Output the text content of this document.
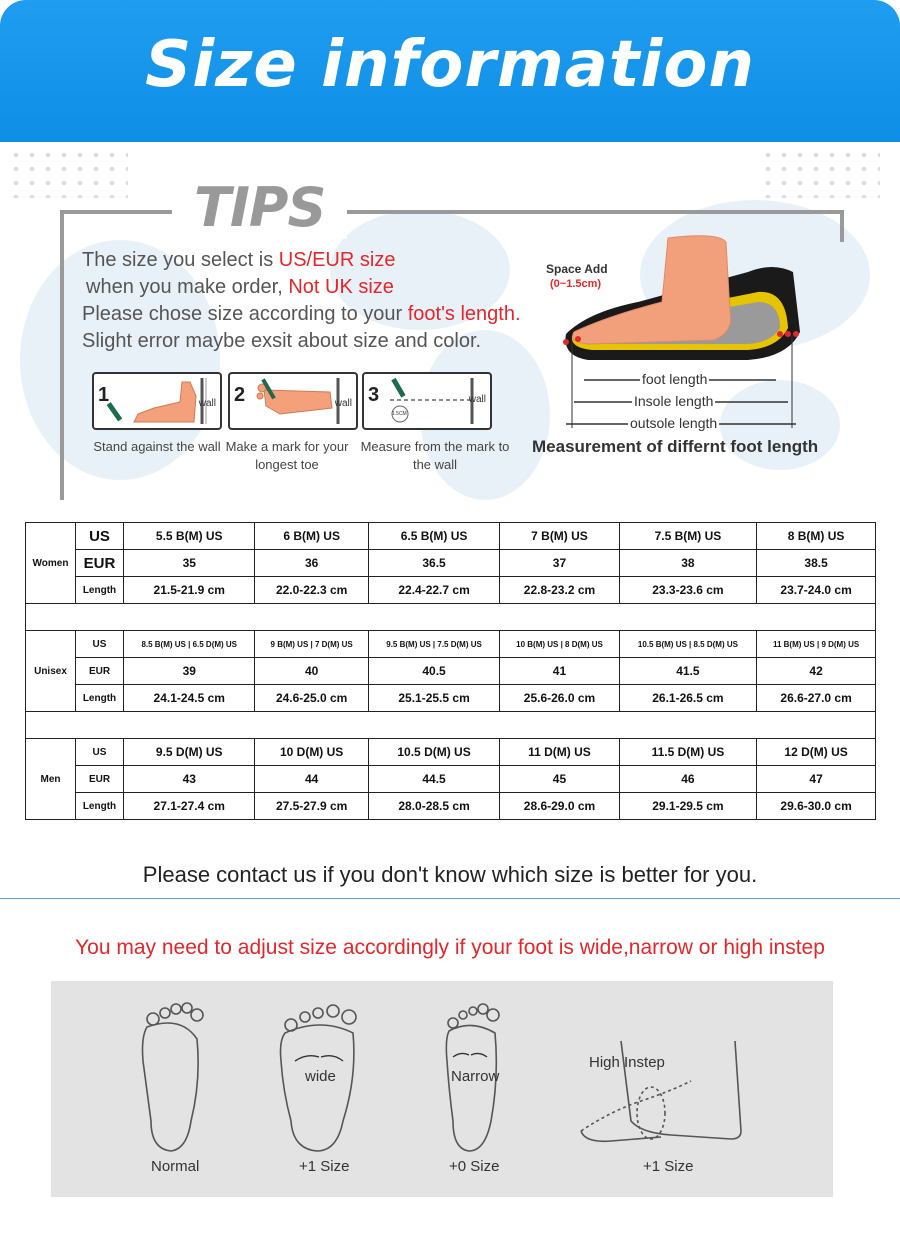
Size information
TIPS
The size you select is US/EUR size
when you make order, Not UK size
Please chose size according to your foot's length.
Slight error maybe exsit about size and color.
1	wall 2	wall 3	wall
1.5CM
Stand against the wall Make a mark for your longest toe
Measure from the mark to the wall
Space Add
(0~1.5cm)
foot length
Insole length
outsole length
Measurement of differnt foot length
Women	US	5.5 B(M) US	6 B(M) US	6.5 B(M) US	7 B(M) US	7.5 B(M) US	8 B(M) US
	EUR	35	36	36.5	37	38	38.5
	Length	21.5-21.9 cm	22.0-22.3 cm	22.4-22.7 cm	22.8-23.2 cm	23.3-23.6 cm	23.7-24.0 cm

Unisex	US	8.5 B(M) US | 6.5 D(M) US	9 B(M) US | 7 D(M) US	9.5 B(M) US | 7.5 D(M) US	10 B(M) US | 8 D(M) US	10.5 B(M) US | 8.5 D(M) US	11 B(M) US | 9 D(M) US
	EUR	39	40	40.5	41	41.5	42
	Length	24.1-24.5 cm	24.6-25.0 cm	25.1-25.5 cm	25.6-26.0 cm	26.1-26.5 cm	26.6-27.0 cm

Men	US	9.5 D(M) US	10 D(M) US	10.5 D(M) US	11 D(M) US	11.5 D(M) US	12 D(M) US
	EUR	43	44	44.5	45	46	47
	Length	27.1-27.4 cm	27.5-27.9 cm	28.0-28.5 cm	28.6-29.0 cm	29.1-29.5 cm	29.6-30.0 cm
Please contact us if you don't know which size is better for you.
You may need to adjust size accordingly if your foot is wide,narrow or high instep
Normal
wide
+1 Size
Narrow
+0 Size
High Instep
+1 Size
